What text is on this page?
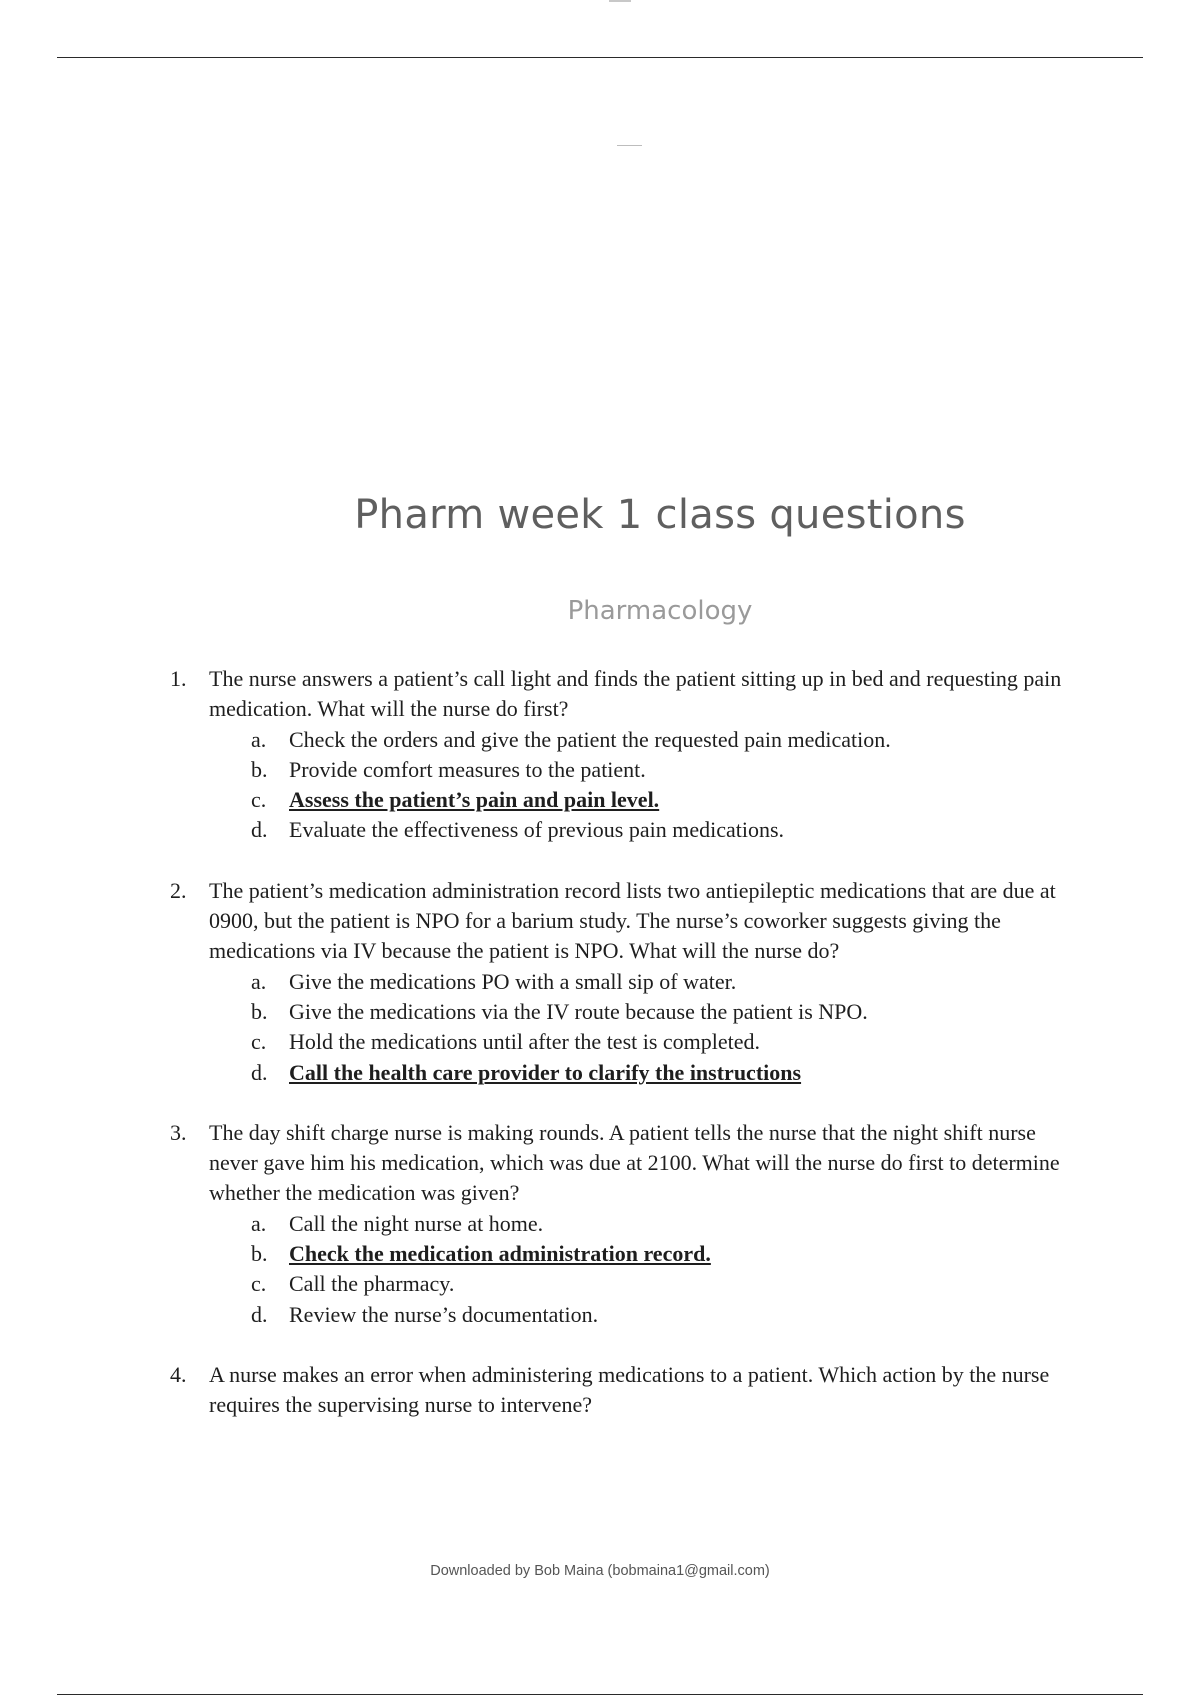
Pharm week 1 class questions
Pharmacology
1. The nurse answers a patient’s call light and finds the patient sitting up in bed and requesting pain medication. What will the nurse do first?

a. Check the orders and give the patient the requested pain medication.
b. Provide comfort measures to the patient.
c. Assess the patient’s pain and pain level.
d. Evaluate the effectiveness of previous pain medications.
2. The patient’s medication administration record lists two antiepileptic medications that are due at 0900, but the patient is NPO for a barium study. The nurse’s coworker suggests giving the medications via IV because the patient is NPO. What will the nurse do?

a. Give the medications PO with a small sip of water.
b. Give the medications via the IV route because the patient is NPO.
c. Hold the medications until after the test is completed.
d. Call the health care provider to clarify the instructions
3. The day shift charge nurse is making rounds. A patient tells the nurse that the night shift nurse never gave him his medication, which was due at 2100. What will the nurse do first to determine whether the medication was given?

a. Call the night nurse at home.
b. Check the medication administration record.
c. Call the pharmacy.
d. Review the nurse’s documentation.
4. A nurse makes an error when administering medications to a patient. Which action by the nurse requires the supervising nurse to intervene?

Downloaded by Bob Maina (bobmaina1@gmail.com)
